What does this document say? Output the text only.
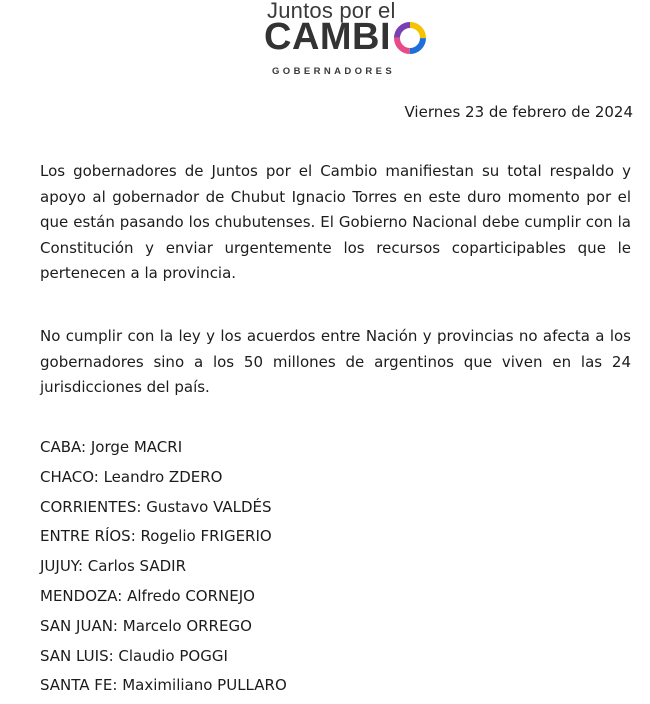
Juntos por el
CAMBI
GOBERNADORES
Viernes 23 de febrero de 2024

Los gobernadores de Juntos por el Cambio manifiestan su total respaldo y apoyo al gobernador de Chubut Ignacio Torres en este duro momento por el que están pasando los chubutenses. El Gobierno Nacional debe cumplir con la Constitución y enviar urgentemente los recursos coparticipables que le pertenecen a la provincia.

No cumplir con la ley y los acuerdos entre Nación y provincias no afecta a los gobernadores sino a los 50 millones de argentinos que viven en las 24 jurisdicciones del país.

CABA: Jorge MACRI
CHACO: Leandro ZDERO
CORRIENTES: Gustavo VALDÉS
ENTRE RÍOS: Rogelio FRIGERIO
JUJUY: Carlos SADIR
MENDOZA: Alfredo CORNEJO
SAN JUAN: Marcelo ORREGO
SAN LUIS: Claudio POGGI
SANTA FE: Maximiliano PULLARO
